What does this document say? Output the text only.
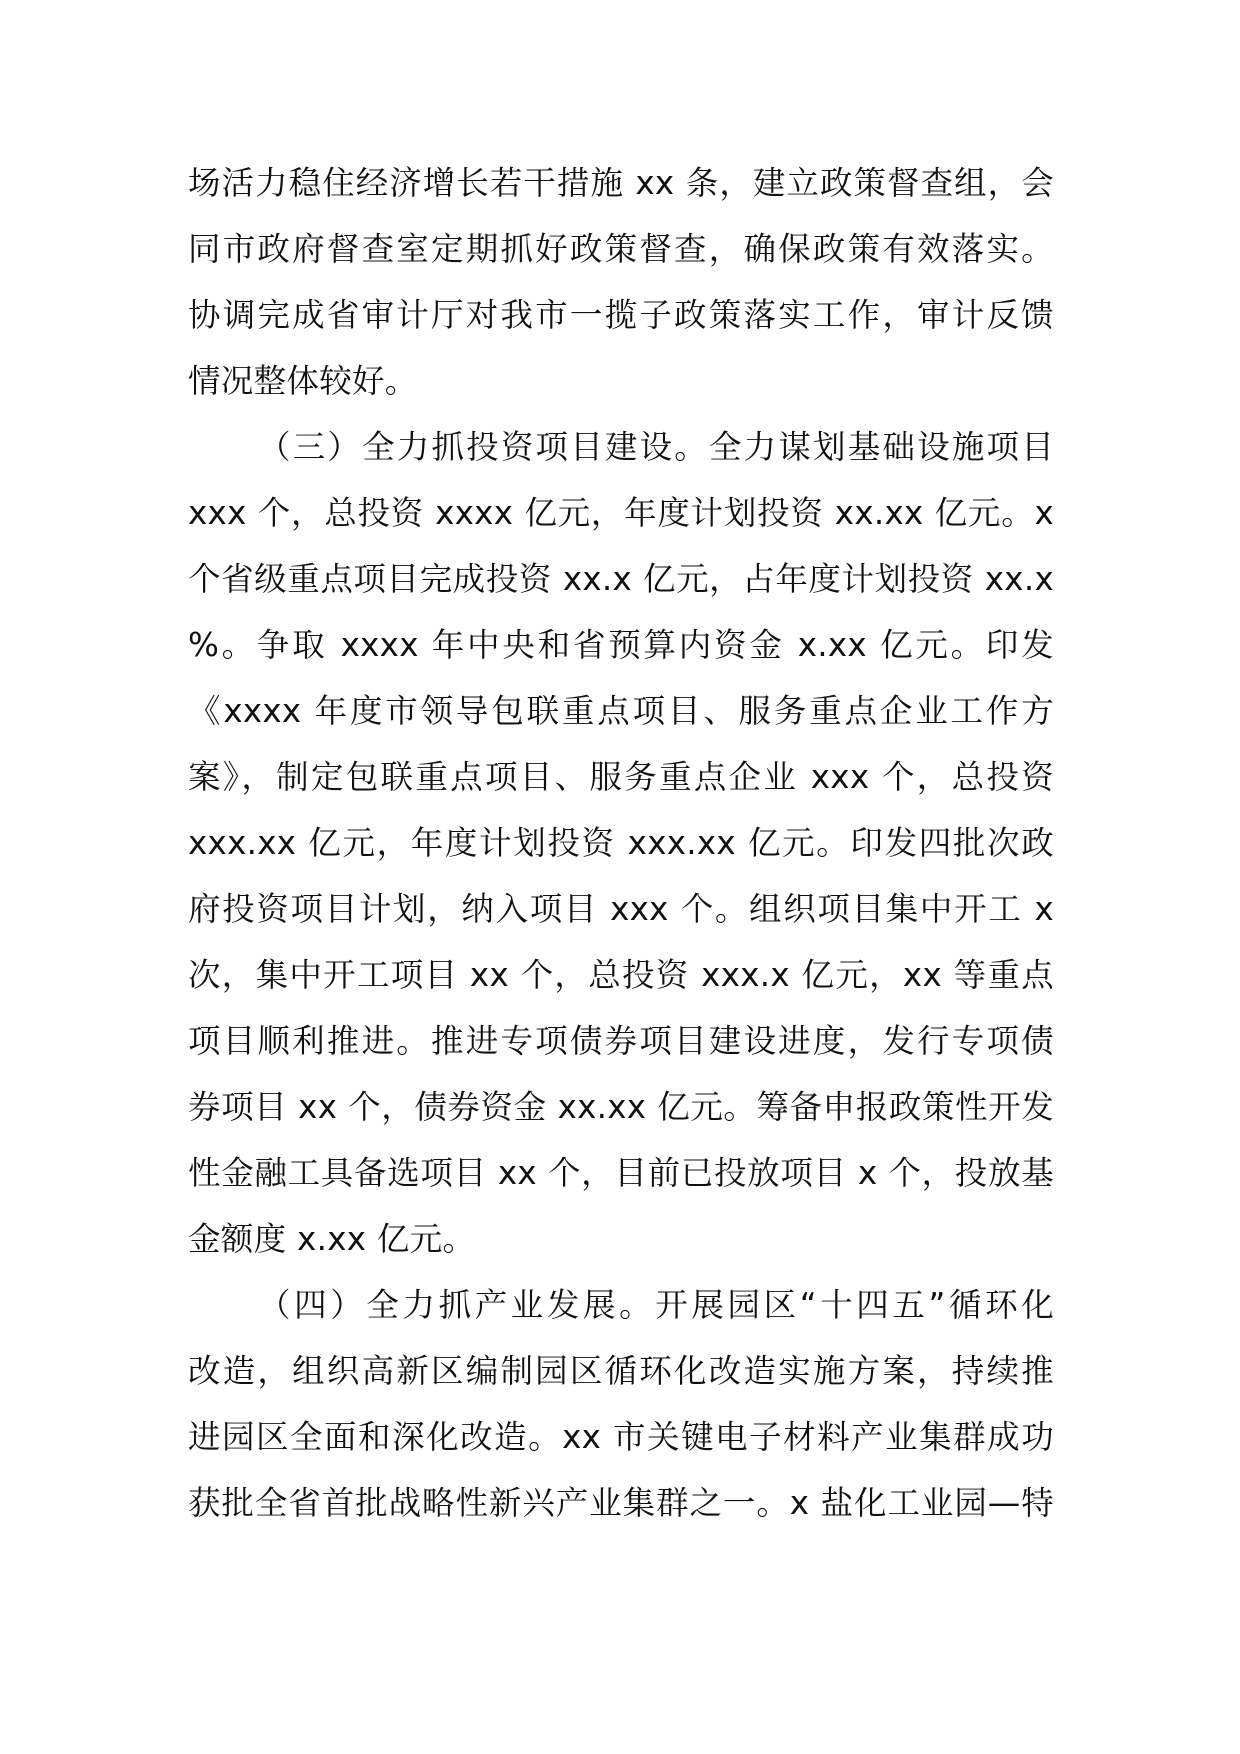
场活力稳住经济增长若干措施 xx 条，建立政策督查组，会
同市政府督查室定期抓好政策督查，确保政策有效落实。
协调完成省审计厅对我市一揽子政策落实工作，审计反馈
情况整体较好。
（三）全力抓投资项目建设。全力谋划基础设施项目
xxx 个，总投资 xxxx 亿元，年度计划投资 xx.xx 亿元。x
个省级重点项目完成投资 xx.x 亿元，占年度计划投资 xx.x
%。争取 xxxx 年中央和省预算内资金 x.xx 亿元。印发
《xxxx 年度市领导包联重点项目、服务重点企业工作方
案》，制定包联重点项目、服务重点企业 xxx 个，总投资
xxx.xx 亿元，年度计划投资 xxx.xx 亿元。印发四批次政
府投资项目计划，纳入项目 xxx 个。组织项目集中开工 x
次，集中开工项目 xx 个，总投资 xxx.x 亿元，xx 等重点
项目顺利推进。推进专项债券项目建设进度，发行专项债
券项目 xx 个，债券资金 xx.xx 亿元。筹备申报政策性开发
性金融工具备选项目 xx 个，目前已投放项目 x 个，投放基
金额度 x.xx 亿元。
（四）全力抓产业发展。开展园区“十四五”循环化
改造，组织高新区编制园区循环化改造实施方案，持续推
进园区全面和深化改造。xx 市关键电子材料产业集群成功
获批全省首批战略性新兴产业集群之一。x 盐化工业园—特
